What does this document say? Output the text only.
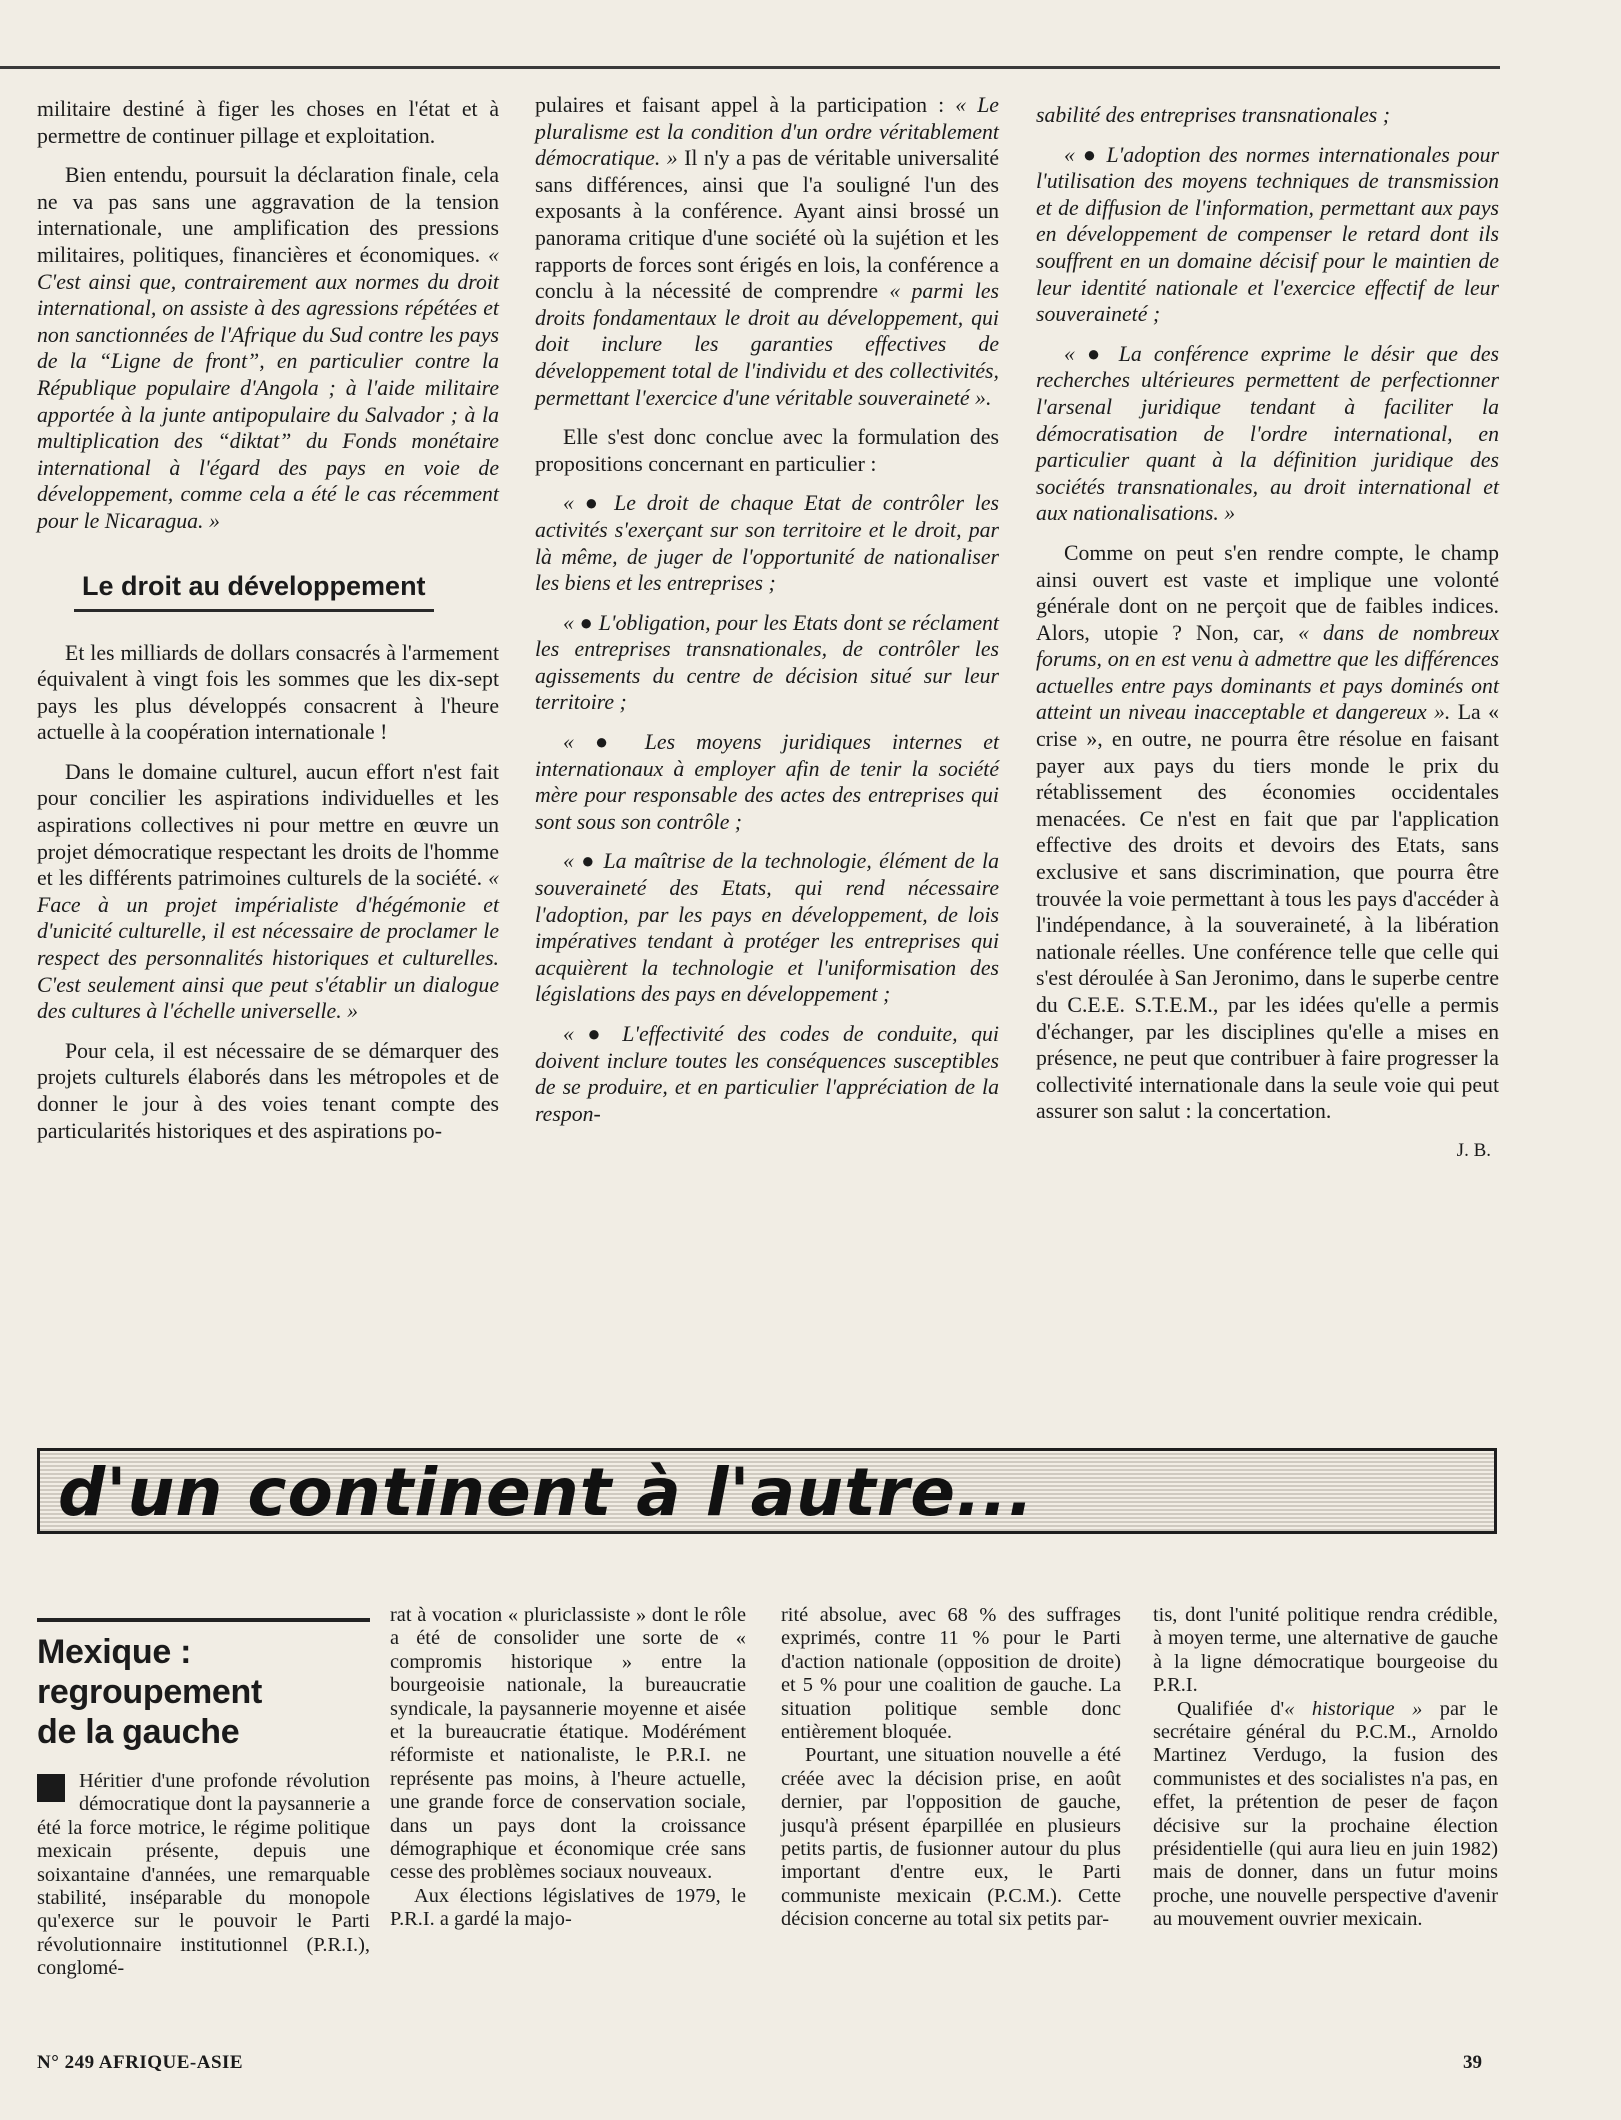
militaire destiné à figer les choses en l'état et à permettre de continuer pillage et exploitation.

Bien entendu, poursuit la déclaration finale, cela ne va pas sans une aggravation de la tension internationale, une amplification des pressions militaires, politiques, financières et économiques. « C'est ainsi que, contrairement aux normes du droit international, on assiste à des agressions répétées et non sanctionnées de l'Afrique du Sud contre les pays de la “Ligne de front”, en particulier contre la République populaire d'Angola ; à l'aide militaire apportée à la junte antipopulaire du Salvador ; à la multiplication des “diktat” du Fonds monétaire international à l'égard des pays en voie de développement, comme cela a été le cas récemment pour le Nicaragua. »

Le droit au développement

Et les milliards de dollars consacrés à l'armement équivalent à vingt fois les sommes que les dix-sept pays les plus développés consacrent à l'heure actuelle à la coopération internationale !

Dans le domaine culturel, aucun effort n'est fait pour concilier les aspirations individuelles et les aspirations collectives ni pour mettre en œuvre un projet démocratique respectant les droits de l'homme et les différents patrimoines culturels de la société. « Face à un projet impérialiste d'hégémonie et d'unicité culturelle, il est nécessaire de proclamer le respect des personnalités historiques et culturelles. C'est seulement ainsi que peut s'établir un dialogue des cultures à l'échelle universelle. »

Pour cela, il est nécessaire de se démarquer des projets culturels élaborés dans les métropoles et de donner le jour à des voies tenant compte des particularités historiques et des aspirations po-

pulaires et faisant appel à la participation : « Le pluralisme est la condition d'un ordre véritablement démocratique. » Il n'y a pas de véritable universalité sans différences, ainsi que l'a souligné l'un des exposants à la conférence. Ayant ainsi brossé un panorama critique d'une société où la sujétion et les rapports de forces sont érigés en lois, la conférence a conclu à la nécessité de comprendre « parmi les droits fondamentaux le droit au développement, qui doit inclure les garanties effectives de développement total de l'individu et des collectivités, permettant l'exercice d'une véritable souveraineté ».

Elle s'est donc conclue avec la formulation des propositions concernant en particulier :

« ● Le droit de chaque Etat de contrôler les activités s'exerçant sur son territoire et le droit, par là même, de juger de l'opportunité de nationaliser les biens et les entreprises ;

« ● L'obligation, pour les Etats dont se réclament les entreprises transnationales, de contrôler les agissements du centre de décision situé sur leur territoire ;

« ● Les moyens juridiques internes et internationaux à employer afin de tenir la société mère pour responsable des actes des entreprises qui sont sous son contrôle ;

« ● La maîtrise de la technologie, élément de la souveraineté des Etats, qui rend nécessaire l'adoption, par les pays en développement, de lois impératives tendant à protéger les entreprises qui acquièrent la technologie et l'uniformisation des législations des pays en développement ;

« ● L'effectivité des codes de conduite, qui doivent inclure toutes les conséquences susceptibles de se produire, et en particulier l'appréciation de la respon-

sabilité des entreprises transnationales ;

« ● L'adoption des normes internationales pour l'utilisation des moyens techniques de transmission et de diffusion de l'information, permettant aux pays en développement de compenser le retard dont ils souffrent en un domaine décisif pour le maintien de leur identité nationale et l'exercice effectif de leur souveraineté ;

« ● La conférence exprime le désir que des recherches ultérieures permettent de perfectionner l'arsenal juridique tendant à faciliter la démocratisation de l'ordre international, en particulier quant à la définition juridique des sociétés transnationales, au droit international et aux nationalisations. »

Comme on peut s'en rendre compte, le champ ainsi ouvert est vaste et implique une volonté générale dont on ne perçoit que de faibles indices. Alors, utopie ? Non, car, « dans de nombreux forums, on en est venu à admettre que les différences actuelles entre pays dominants et pays dominés ont atteint un niveau inacceptable et dangereux ». La « crise », en outre, ne pourra être résolue en faisant payer aux pays du tiers monde le prix du rétablissement des économies occidentales menacées. Ce n'est en fait que par l'application effective des droits et devoirs des Etats, sans exclusive et sans discrimination, que pourra être trouvée la voie permettant à tous les pays d'accéder à l'indépendance, à la souveraineté, à la libération nationale réelles. Une conférence telle que celle qui s'est déroulée à San Jeronimo, dans le superbe centre du C.E.E. S.T.E.M., par les idées qu'elle a permis d'échanger, par les disciplines qu'elle a mises en présence, ne peut que contribuer à faire progresser la collectivité internationale dans la seule voie qui peut assurer son salut : la concertation.

J. B.
d'un continent à l'autre...
Mexique :
regroupement
de la gauche

Héritier d'une profonde révolution démocratique dont la paysannerie a été la force motrice, le régime politique mexicain présente, depuis une soixantaine d'années, une remarquable stabilité, inséparable du monopole qu'exerce sur le pouvoir le Parti révolutionnaire institutionnel (P.R.I.), conglomé-

rat à vocation « pluriclassiste » dont le rôle a été de consolider une sorte de « compromis historique » entre la bourgeoisie nationale, la bureaucratie syndicale, la paysannerie moyenne et aisée et la bureaucratie étatique. Modérément réformiste et nationaliste, le P.R.I. ne représente pas moins, à l'heure actuelle, une grande force de conservation sociale, dans un pays dont la croissance démographique et économique crée sans cesse des problèmes sociaux nouveaux.

Aux élections législatives de 1979, le P.R.I. a gardé la majo-

rité absolue, avec 68 % des suffrages exprimés, contre 11 % pour le Parti d'action nationale (opposition de droite) et 5 % pour une coalition de gauche. La situation politique semble donc entièrement bloquée.

Pourtant, une situation nouvelle a été créée avec la décision prise, en août dernier, par l'opposition de gauche, jusqu'à présent éparpillée en plusieurs petits partis, de fusionner autour du plus important d'entre eux, le Parti communiste mexicain (P.C.M.). Cette décision concerne au total six petits par-

tis, dont l'unité politique rendra crédible, à moyen terme, une alternative de gauche à la ligne démocratique bourgeoise du P.R.I.

Qualifiée d'« historique » par le secrétaire général du P.C.M., Arnoldo Martinez Verdugo, la fusion des communistes et des socialistes n'a pas, en effet, la prétention de peser de façon décisive sur la prochaine élection présidentielle (qui aura lieu en juin 1982) mais de donner, dans un futur moins proche, une nouvelle perspective d'avenir au mouvement ouvrier mexicain.

N° 249 AFRIQUE-ASIE	39
